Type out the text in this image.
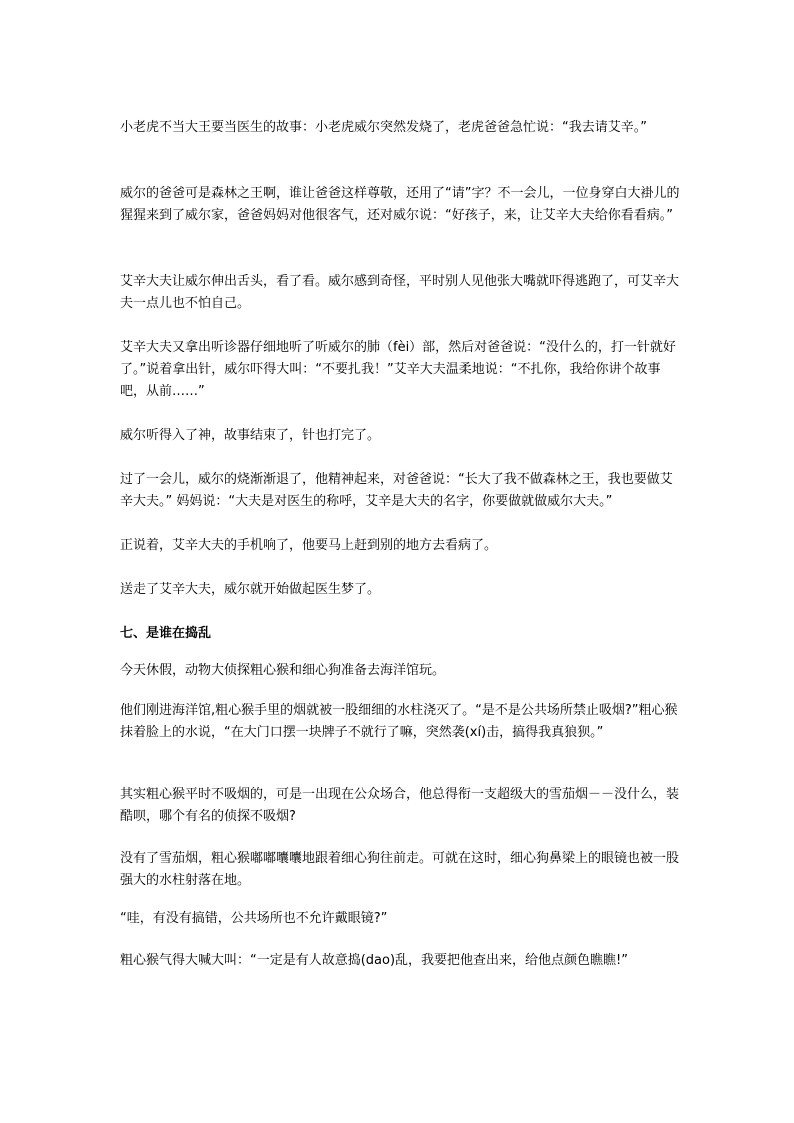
小老虎不当大王要当医生的故事：小老虎威尔突然发烧了，老虎爸爸急忙说：“我去请艾辛。”

威尔的爸爸可是森林之王啊，谁让爸爸这样尊敬，还用了“请”字？不一会儿，一位身穿白大褂儿的猩猩来到了威尔家，爸爸妈妈对他很客气，还对威尔说：“好孩子，来，让艾辛大夫给你看看病。”

艾辛大夫让威尔伸出舌头，看了看。威尔感到奇怪，平时别人见他张大嘴就吓得逃跑了，可艾辛大夫一点儿也不怕自己。

艾辛大夫又拿出听诊器仔细地听了听威尔的肺（fèi）部，然后对爸爸说：“没什么的，打一针就好了。”说着拿出针，威尔吓得大叫：“不要扎我！”艾辛大夫温柔地说：“不扎你，我给你讲个故事吧，从前……”

威尔听得入了神，故事结束了，针也打完了。

过了一会儿，威尔的烧渐渐退了，他精神起来，对爸爸说：“长大了我不做森林之王，我也要做艾辛大夫。” 妈妈说：“大夫是对医生的称呼，艾辛是大夫的名字，你要做就做威尔大夫。”

正说着，艾辛大夫的手机响了，他要马上赶到别的地方去看病了。

送走了艾辛大夫，威尔就开始做起医生梦了。

七、是谁在捣乱

今天休假，动物大侦探粗心猴和细心狗准备去海洋馆玩。

他们刚进海洋馆,粗心猴手里的烟就被一股细细的水柱浇灭了。“是不是公共场所禁止吸烟?”粗心猴抹着脸上的水说，“在大门口摆一块牌子不就行了嘛，突然袭(xí)击，搞得我真狼狈。”

其实粗心猴平时不吸烟的，可是一出现在公众场合，他总得衔一支超级大的雪茄烟－－没什么，装酷呗，哪个有名的侦探不吸烟?

没有了雪茄烟，粗心猴嘟嘟囔囔地跟着细心狗往前走。可就在这时，细心狗鼻梁上的眼镜也被一股强大的水柱射落在地。

“哇，有没有搞错，公共场所也不允许戴眼镜?”

粗心猴气得大喊大叫：“一定是有人故意捣(dao)乱，我要把他查出来，给他点颜色瞧瞧!”
